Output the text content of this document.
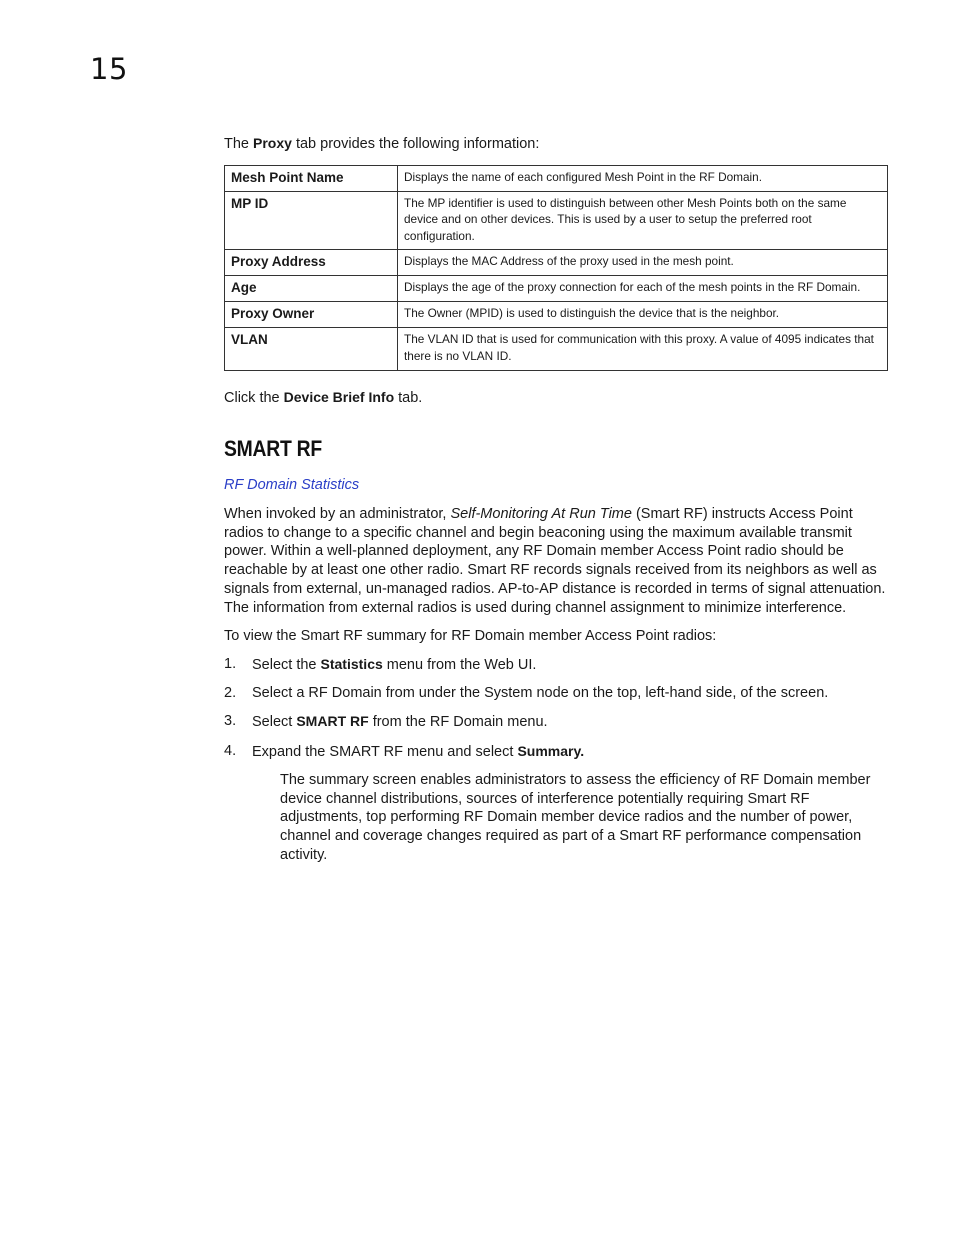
15

The Proxy tab provides the following information:

Mesh Point Name	Displays the name of each configured Mesh Point in the RF Domain.
MP ID	The MP identifier is used to distinguish between other Mesh Points both on the same device and on other devices. This is used by a user to setup the preferred root configuration.
Proxy Address	Displays the MAC Address of the proxy used in the mesh point.
Age	Displays the age of the proxy connection for each of the mesh points in the RF Domain.
Proxy Owner	The Owner (MPID) is used to distinguish the device that is the neighbor.
VLAN	The VLAN ID that is used for communication with this proxy. A value of 4095 indicates that there is no VLAN ID.

Click the Device Brief Info tab.

SMART RF
RF Domain Statistics

When invoked by an administrator, Self-Monitoring At Run Time (Smart RF) instructs Access Point radios to change to a specific channel and begin beaconing using the maximum available transmit power. Within a well-planned deployment, any RF Domain member Access Point radio should be reachable by at least one other radio. Smart RF records signals received from its neighbors as well as signals from external, un-managed radios. AP-to-AP distance is recorded in terms of signal attenuation. The information from external radios is used during channel assignment to minimize interference.

To view the Smart RF summary for RF Domain member Access Point radios:

1. Select the Statistics menu from the Web UI.
2. Select a RF Domain from under the System node on the top, left-hand side, of the screen.
3. Select SMART RF from the RF Domain menu.
4. Expand the SMART RF menu and select Summary.

The summary screen enables administrators to assess the efficiency of RF Domain member device channel distributions, sources of interference potentially requiring Smart RF adjustments, top performing RF Domain member device radios and the number of power, channel and coverage changes required as part of a Smart RF performance compensation activity.
